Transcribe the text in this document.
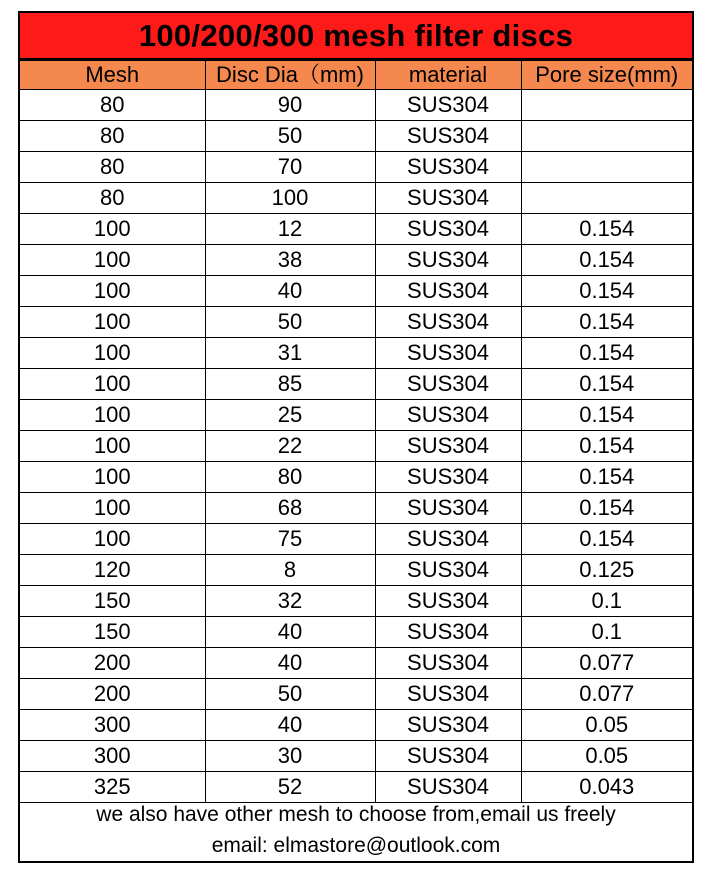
100/200/300 mesh filter discs
Mesh	Disc Dia（mm)	material	Pore size(mm)
80	90	SUS304	
80	50	SUS304	
80	70	SUS304	
80	100	SUS304	
100	12	SUS304	0.154
100	38	SUS304	0.154
100	40	SUS304	0.154
100	50	SUS304	0.154
100	31	SUS304	0.154
100	85	SUS304	0.154
100	25	SUS304	0.154
100	22	SUS304	0.154
100	80	SUS304	0.154
100	68	SUS304	0.154
100	75	SUS304	0.154
120	8	SUS304	0.125
150	32	SUS304	0.1
150	40	SUS304	0.1
200	40	SUS304	0.077
200	50	SUS304	0.077
300	40	SUS304	0.05
300	30	SUS304	0.05
325	52	SUS304	0.043
we also have other mesh to choose from,email us freely
email: elmastore@outlook.com
